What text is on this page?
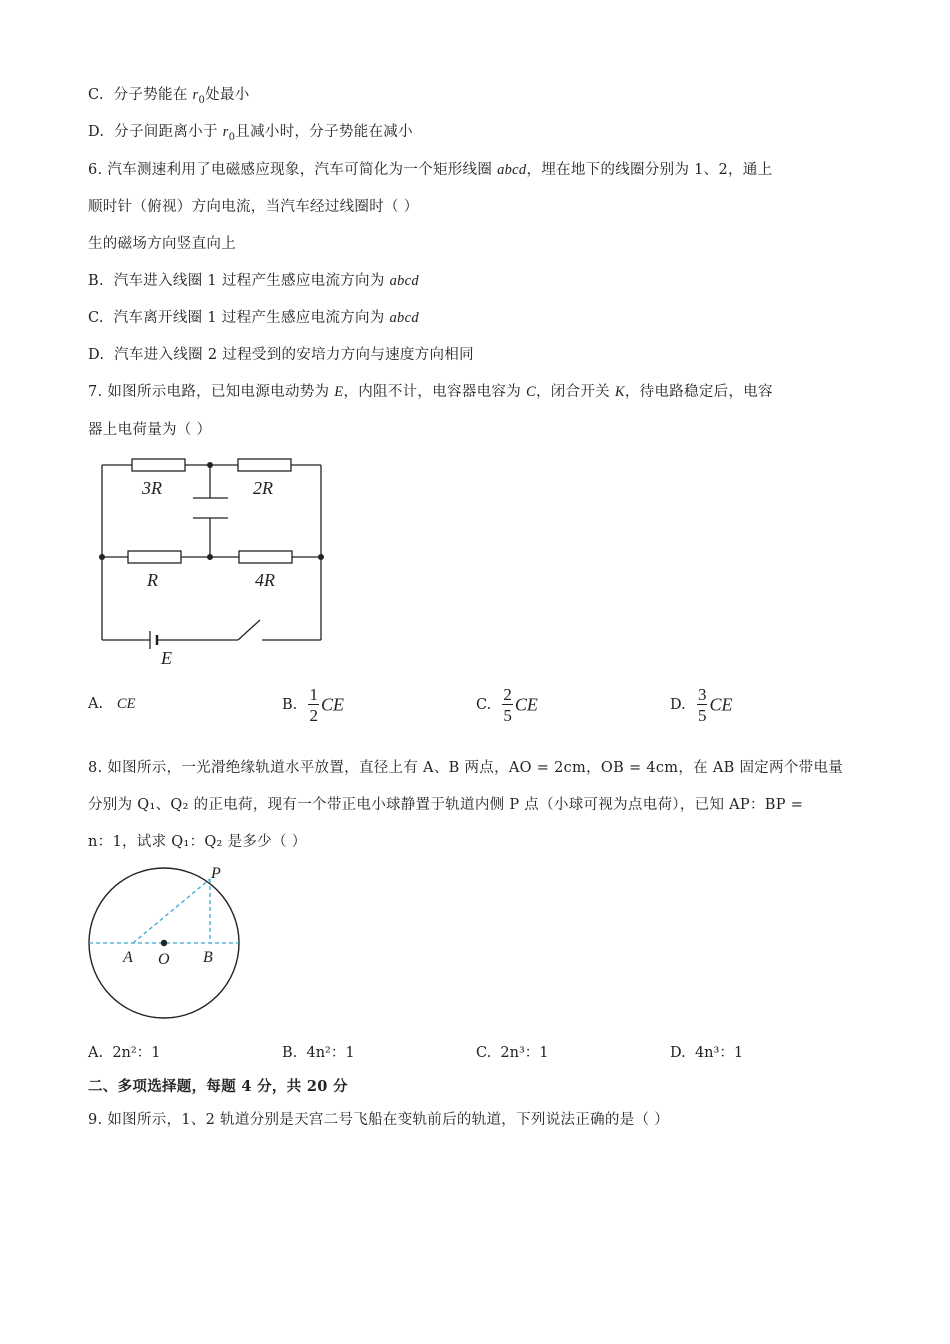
C. 分子势能在 $r_0$处最小
D. 分子间距离小于 $r_0$且减小时，分子势能在减小
6. 汽车测速利用了电磁感应现象，汽车可简化为一个矩形线圈 abcd，埋在地下的线圈分别为 1、2，通上
顺时针（俯视）方向电流，当汽车经过线圈时（ ）
生的磁场方向竖直向上
B. 汽车进入线圈 1 过程产生感应电流方向为 abcd
C. 汽车离开线圈 1 过程产生感应电流方向为 abcd
D. 汽车进入线圈 2 过程受到的安培力方向与速度方向相同
7. 如图所示电路，已知电源电动势为 E，内阻不计，电容器电容为 C，闭合开关 K，待电路稳定后，电容
器上电荷量为（ ）
3R	2R
R	4R
E
A. CE	B. $\frac{1}{2}$ CE	C. $\frac{2}{5}$ CE	D. $\frac{3}{5}$ CE
8. 如图所示，一光滑绝缘轨道水平放置，直径上有 A、B 两点，AO = 2cm，OB = 4cm，在 AB 固定两个带电量
分别为 Q₁、Q₂ 的正电荷，现有一个带正电小球静置于轨道内侧 P 点（小球可视为点电荷），已知 AP：BP =
n：1，试求 Q₁：Q₂ 是多少（ ）
P
A O B
A. 2n²：1	B. 4n²：1	C. 2n³：1	D. 4n³：1
二、多项选择题，每题 4 分，共 20 分
9. 如图所示，1、2 轨道分别是天宫二号飞船在变轨前后的轨道，下列说法正确的是（ ）
